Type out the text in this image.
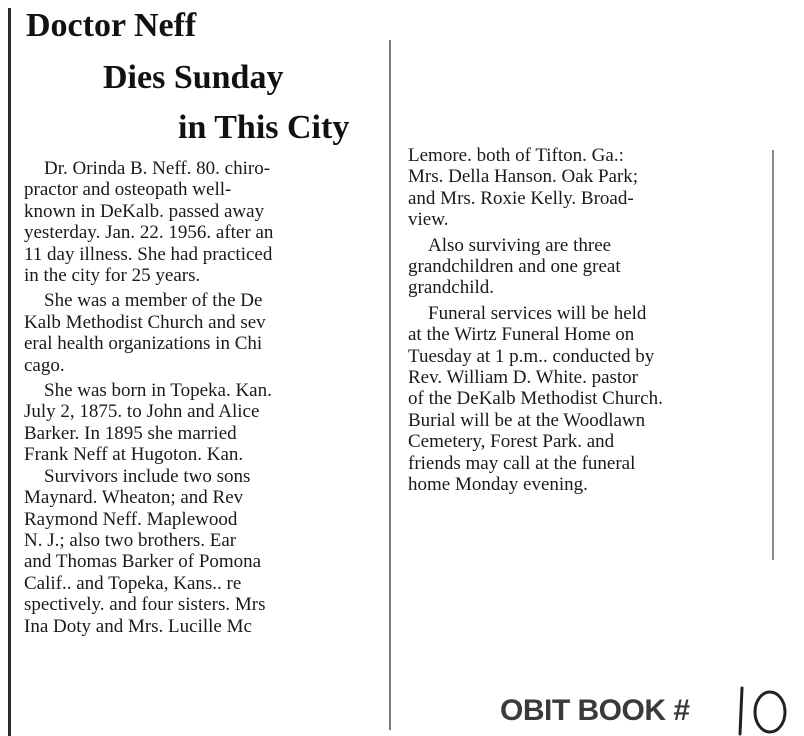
Doctor Neff
Dies Sunday
in This City
Dr. Orinda B. Neff. 80. chiro-
practor and osteopath well-
known in DeKalb. passed away
yesterday. Jan. 22. 1956. after an
11 day illness. She had practiced
in the city for 25 years.
She was a member of the De
Kalb Methodist Church and sev
eral health organizations in Chi
cago.
She was born in Topeka. Kan.
July 2, 1875. to John and Alice
Barker. In 1895 she married
Frank Neff at Hugoton. Kan.
Survivors include two sons
Maynard. Wheaton; and Rev
Raymond Neff. Maplewood
N. J.; also two brothers. Ear
and Thomas Barker of Pomona
Calif.. and Topeka, Kans.. re
spectively. and four sisters. Mrs
Ina Doty and Mrs. Lucille Mc
Lemore. both of Tifton. Ga.:
Mrs. Della Hanson. Oak Park;
and Mrs. Roxie Kelly. Broad-
view.
Also surviving are three
grandchildren and one great
grandchild.
Funeral services will be held
at the Wirtz Funeral Home on
Tuesday at 1 p.m.. conducted by
Rev. William D. White. pastor
of the DeKalb Methodist Church.
Burial will be at the Woodlawn
Cemetery, Forest Park. and
friends may call at the funeral
home Monday evening.
OBIT BOOK #
